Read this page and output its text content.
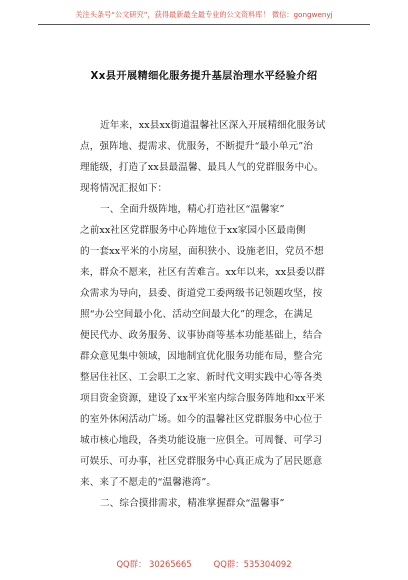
关注头条号“公文研究”，获得最新最全最专业的公文资料库！ 微信：gongwenyj
Xx县开展精细化服务提升基层治理水平经验介绍
近年来，xx县xx街道温馨社区深入开展精细化服务试
点，强阵地、提需求、优服务，不断提升“最小单元”治
理能级，打造了xx县最温馨、最具人气的党群服务中心。
现将情况汇报如下：
一、全面升级阵地，精心打造社区“温馨家”
之前xx社区党群服务中心阵地位于xx家园小区最南侧
的一套xx平米的小房屋，面积狭小、设施老旧，党员不想
来，群众不愿来，社区有苦难言。xx年以来，xx县委以群
众需求为导向，县委、街道党工委两级书记领题攻坚，按
照“办公空间最小化、活动空间最大化”的理念，在满足
便民代办、政务服务、议事协商等基本功能基础上，结合
群众意见集中领域，因地制宜优化服务功能布局，整合完
整居住社区、工会职工之家、新时代文明实践中心等各类
项目资金资源，建设了xx平米室内综合服务阵地和xx平米
的室外休闲活动广场。如今的温馨社区党群服务中心位于
城市核心地段，各类功能设施一应俱全。可周餐、可学习
可娱乐、可办事，社区党群服务中心真正成为了居民愿意
来、来了不愿走的“温馨港湾”。
二、综合摸排需求，精准掌握群众“温馨事”
QQ群： 30265665	QQ群：535304092
